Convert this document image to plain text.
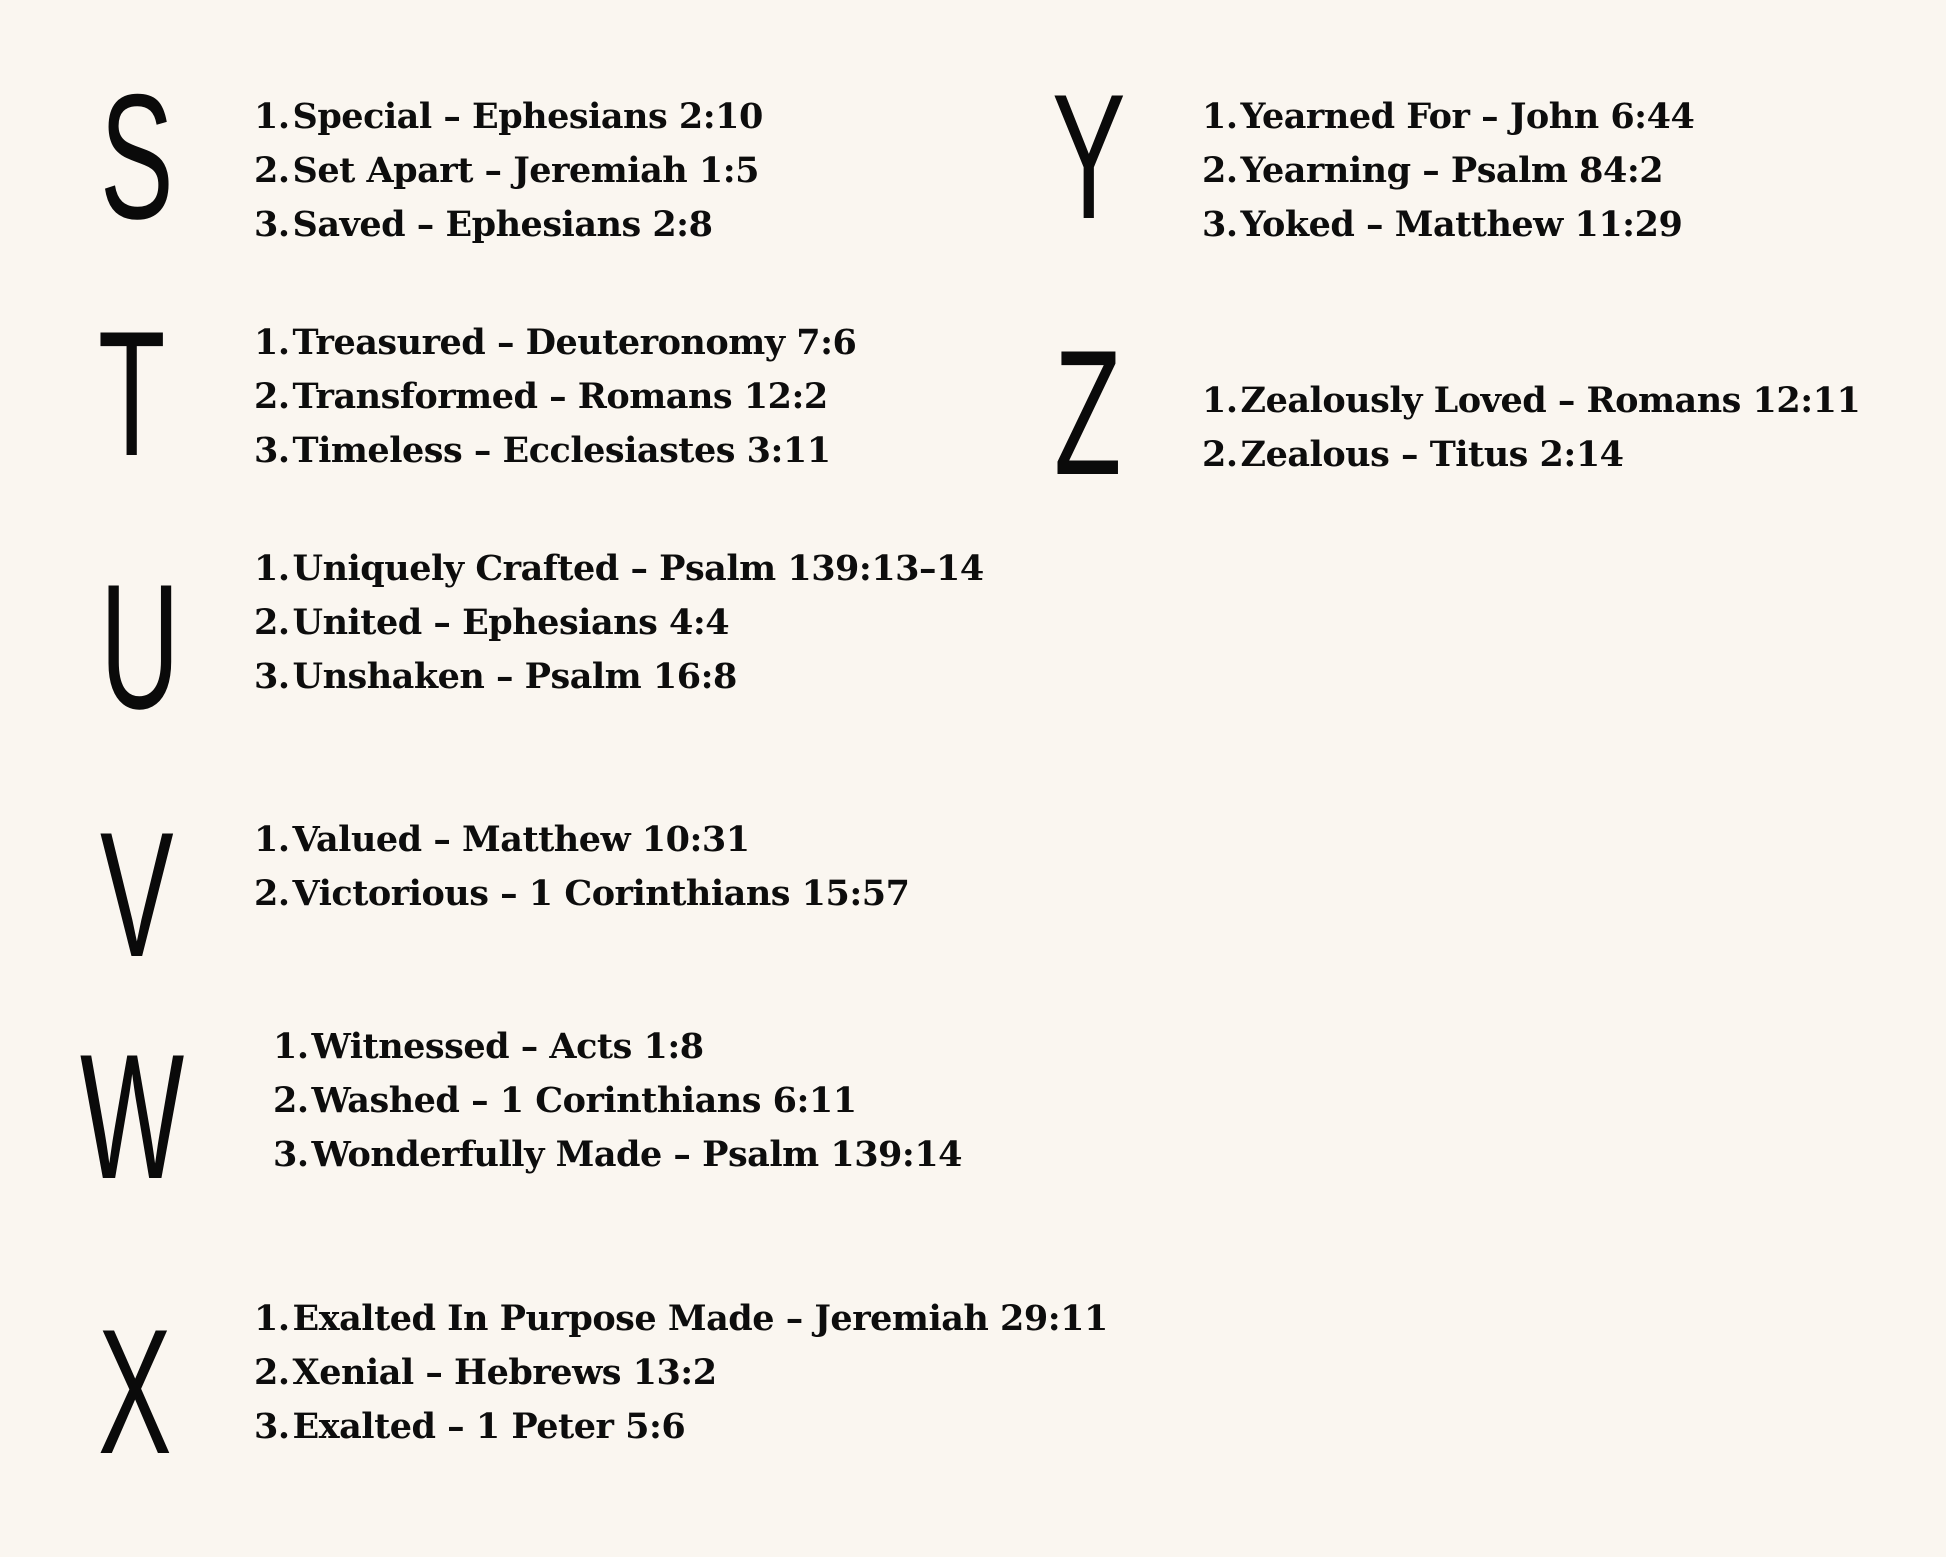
S 1.Special – Ephesians 2:10
2.Set Apart – Jeremiah 1:5
3.Saved – Ephesians 2:8
T	1.Treasured – Deuteronomy 7:6
2.Transformed – Romans 12:2
3.Timeless – Ecclesiastes 3:11
U 1.Uniquely Crafted – Psalm 139:13–14
2.United – Ephesians 4:4
3.Unshaken – Psalm 16:8
V 1.Valued – Matthew 10:31
2.Victorious – 1 Corinthians 15:57
W	1.Witnessed – Acts 1:8
2.Washed – 1 Corinthians 6:11
3.Wonderfully Made – Psalm 139:14
X 1.Exalted In Purpose Made – Jeremiah 29:11
2.Xenial – Hebrews 13:2
3.Exalted – 1 Peter 5:6
Y 1.Yearned For – John 6:44
2.Yearning – Psalm 84:2
3.Yoked – Matthew 11:29
Z 1.Zealously Loved – Romans 12:11
2.Zealous – Titus 2:14
